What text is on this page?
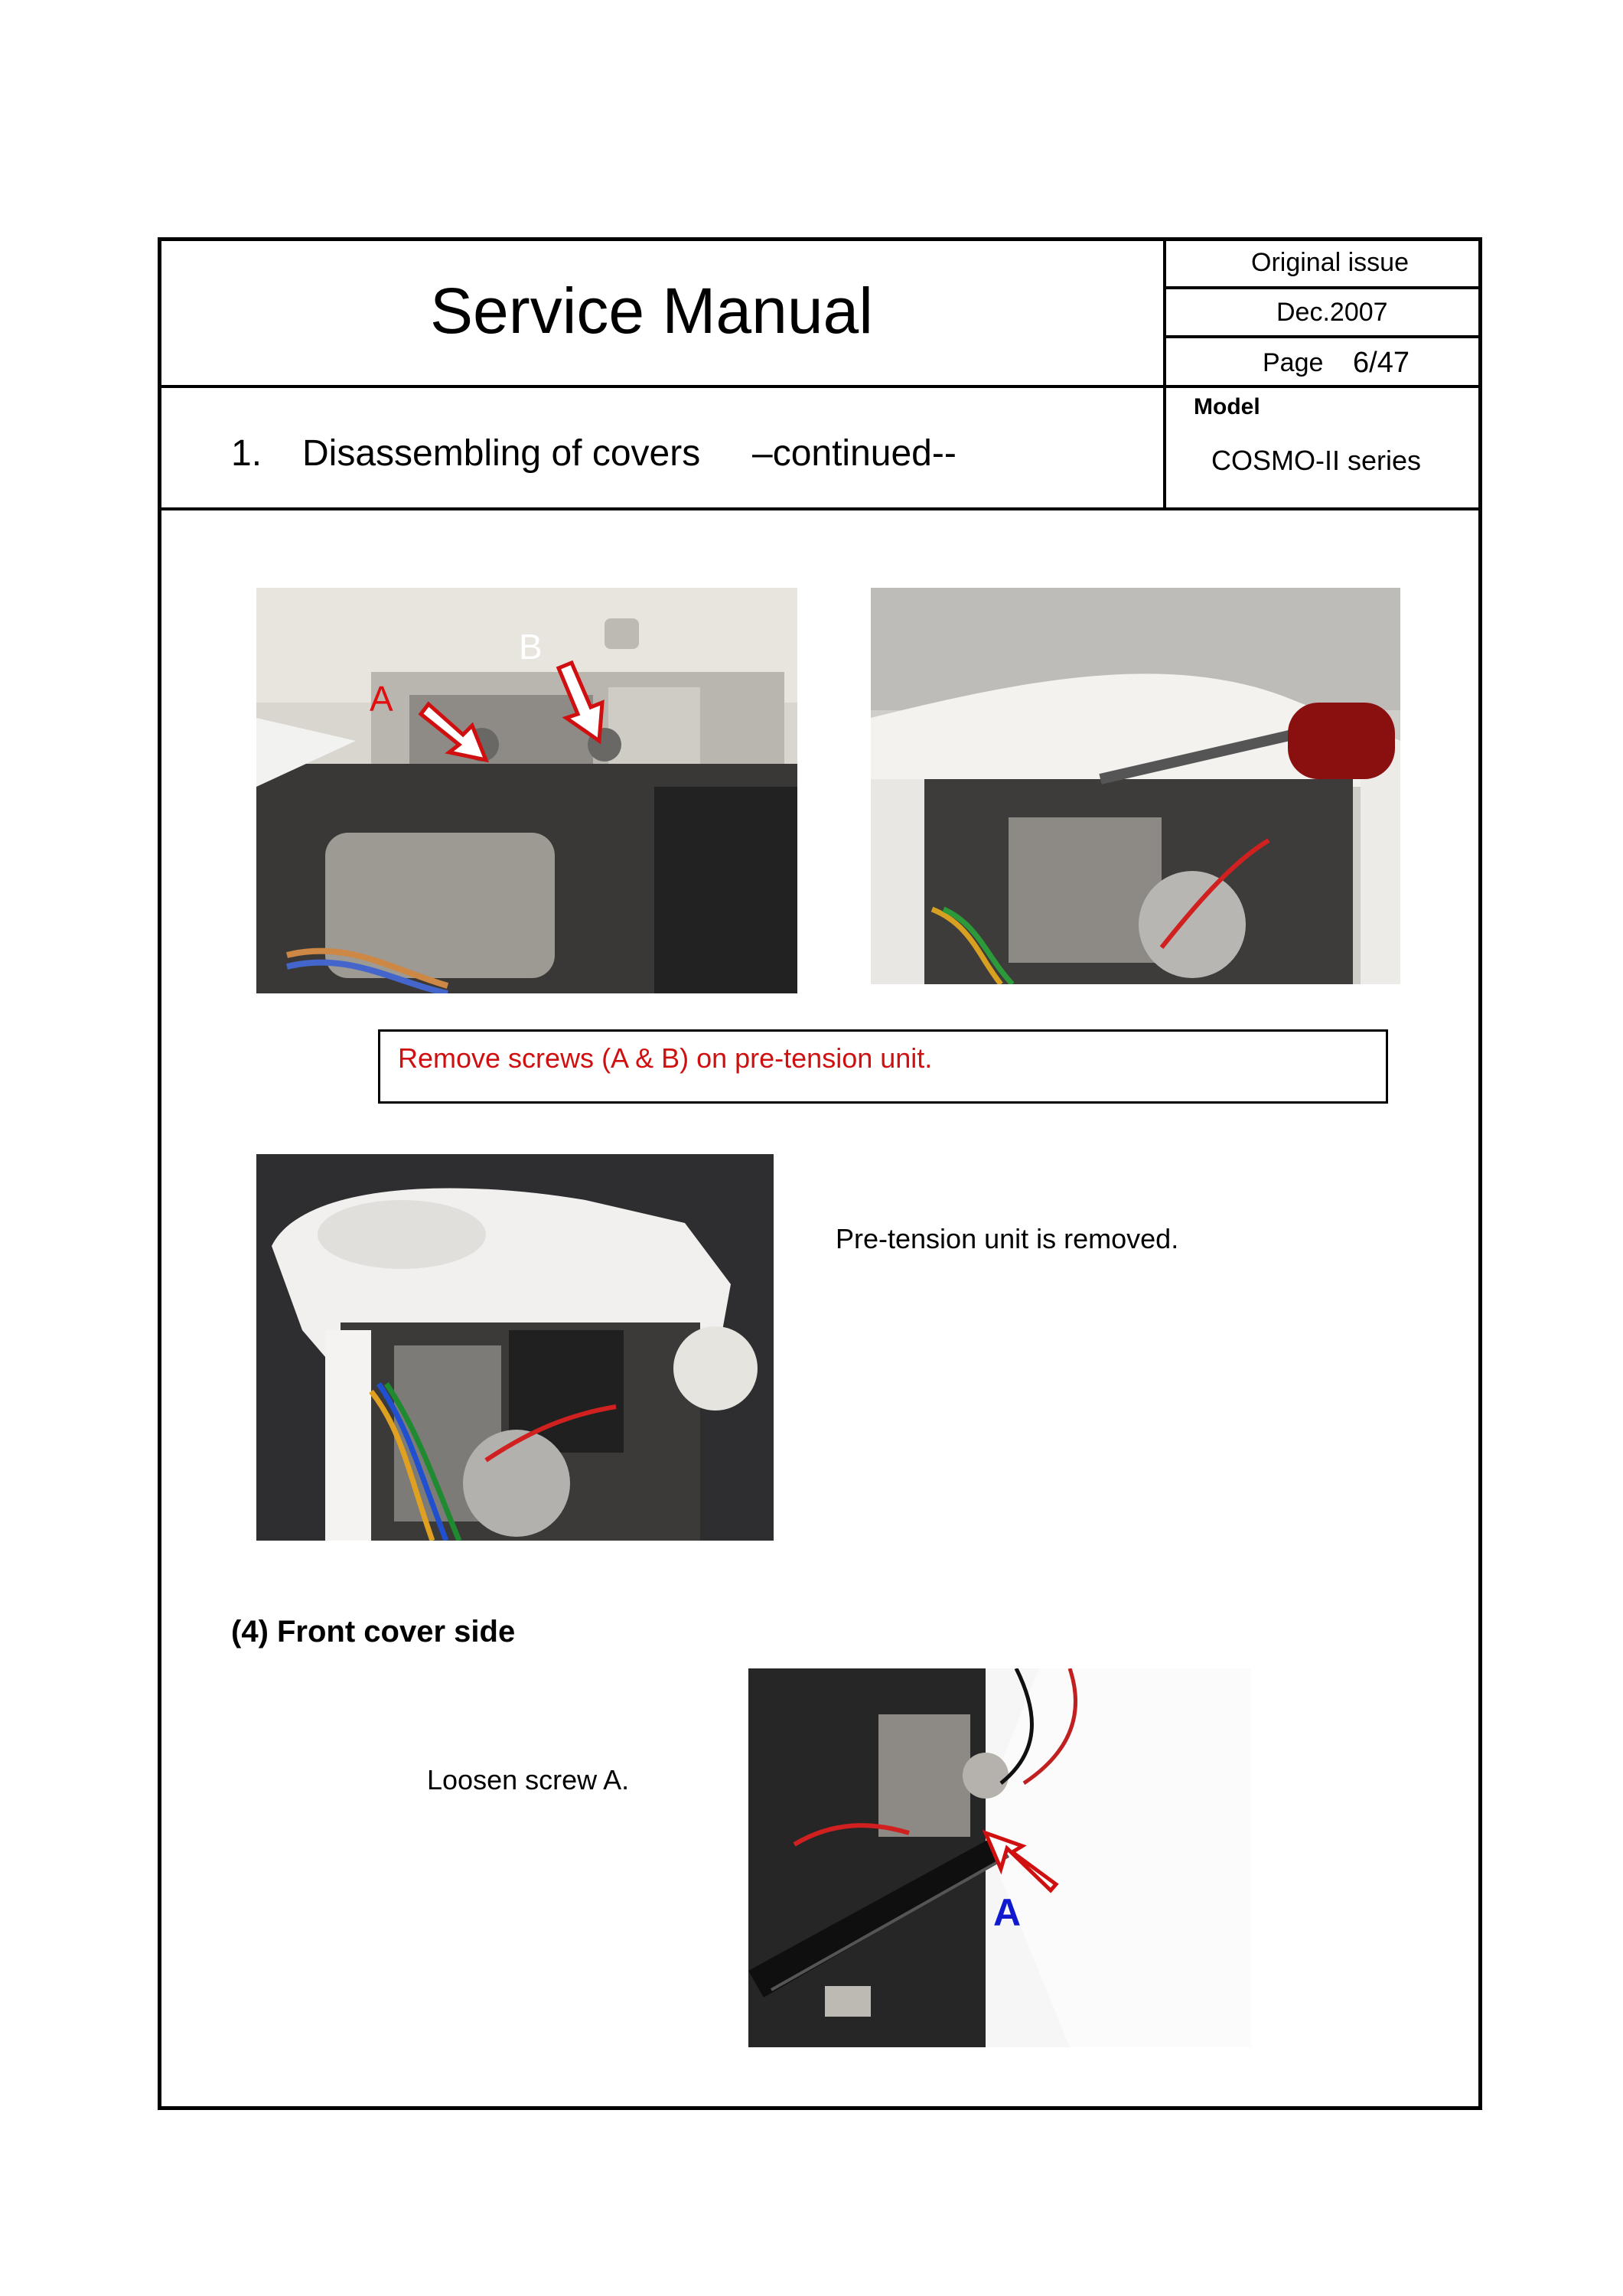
Service Manual
Original issue
Dec.2007
Page 6/47
Model
COSMO-II series
1. Disassembling of covers –continued--
A
B
Remove screws (A & B) on pre-tension unit.
Pre-tension unit is removed.
(4) Front cover side
Loosen screw A.
A
